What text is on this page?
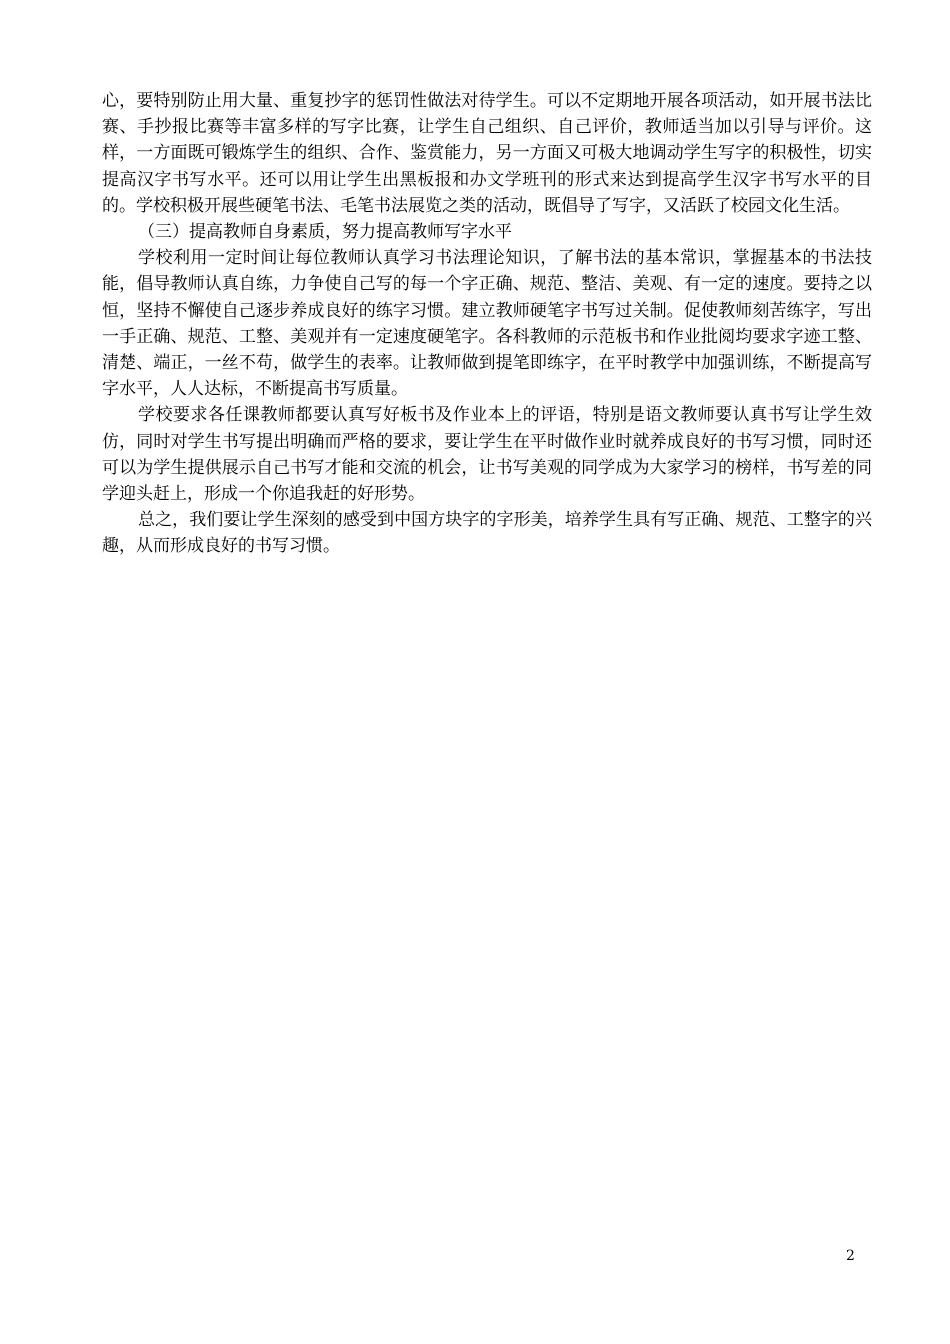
心，要特别防止用大量、重复抄字的惩罚性做法对待学生。可以不定期地开展各项活动，如开展书法比赛、手抄报比赛等丰富多样的写字比赛，让学生自己组织、自己评价，教师适当加以引导与评价。这样，一方面既可锻炼学生的组织、合作、鉴赏能力，另一方面又可极大地调动学生写字的积极性，切实提高汉字书写水平。还可以用让学生出黑板报和办文学班刊的形式来达到提高学生汉字书写水平的目的。学校积极开展些硬笔书法、毛笔书法展览之类的活动，既倡导了写字，又活跃了校园文化生活。

（三）提高教师自身素质，努力提高教师写字水平

学校利用一定时间让每位教师认真学习书法理论知识，了解书法的基本常识，掌握基本的书法技能，倡导教师认真自练，力争使自己写的每一个字正确、规范、整洁、美观、有一定的速度。要持之以恒，坚持不懈使自己逐步养成良好的练字习惯。建立教师硬笔字书写过关制。促使教师刻苦练字，写出一手正确、规范、工整、美观并有一定速度硬笔字。各科教师的示范板书和作业批阅均要求字迹工整、清楚、端正，一丝不苟，做学生的表率。让教师做到提笔即练字，在平时教学中加强训练，不断提高写字水平，人人达标，不断提高书写质量。

学校要求各任课教师都要认真写好板书及作业本上的评语，特别是语文教师要认真书写让学生效仿，同时对学生书写提出明确而严格的要求，要让学生在平时做作业时就养成良好的书写习惯，同时还可以为学生提供展示自己书写才能和交流的机会，让书写美观的同学成为大家学习的榜样，书写差的同学迎头赶上，形成一个你追我赶的好形势。

总之，我们要让学生深刻的感受到中国方块字的字形美，培养学生具有写正确、规范、工整字的兴趣，从而形成良好的书写习惯。

2
